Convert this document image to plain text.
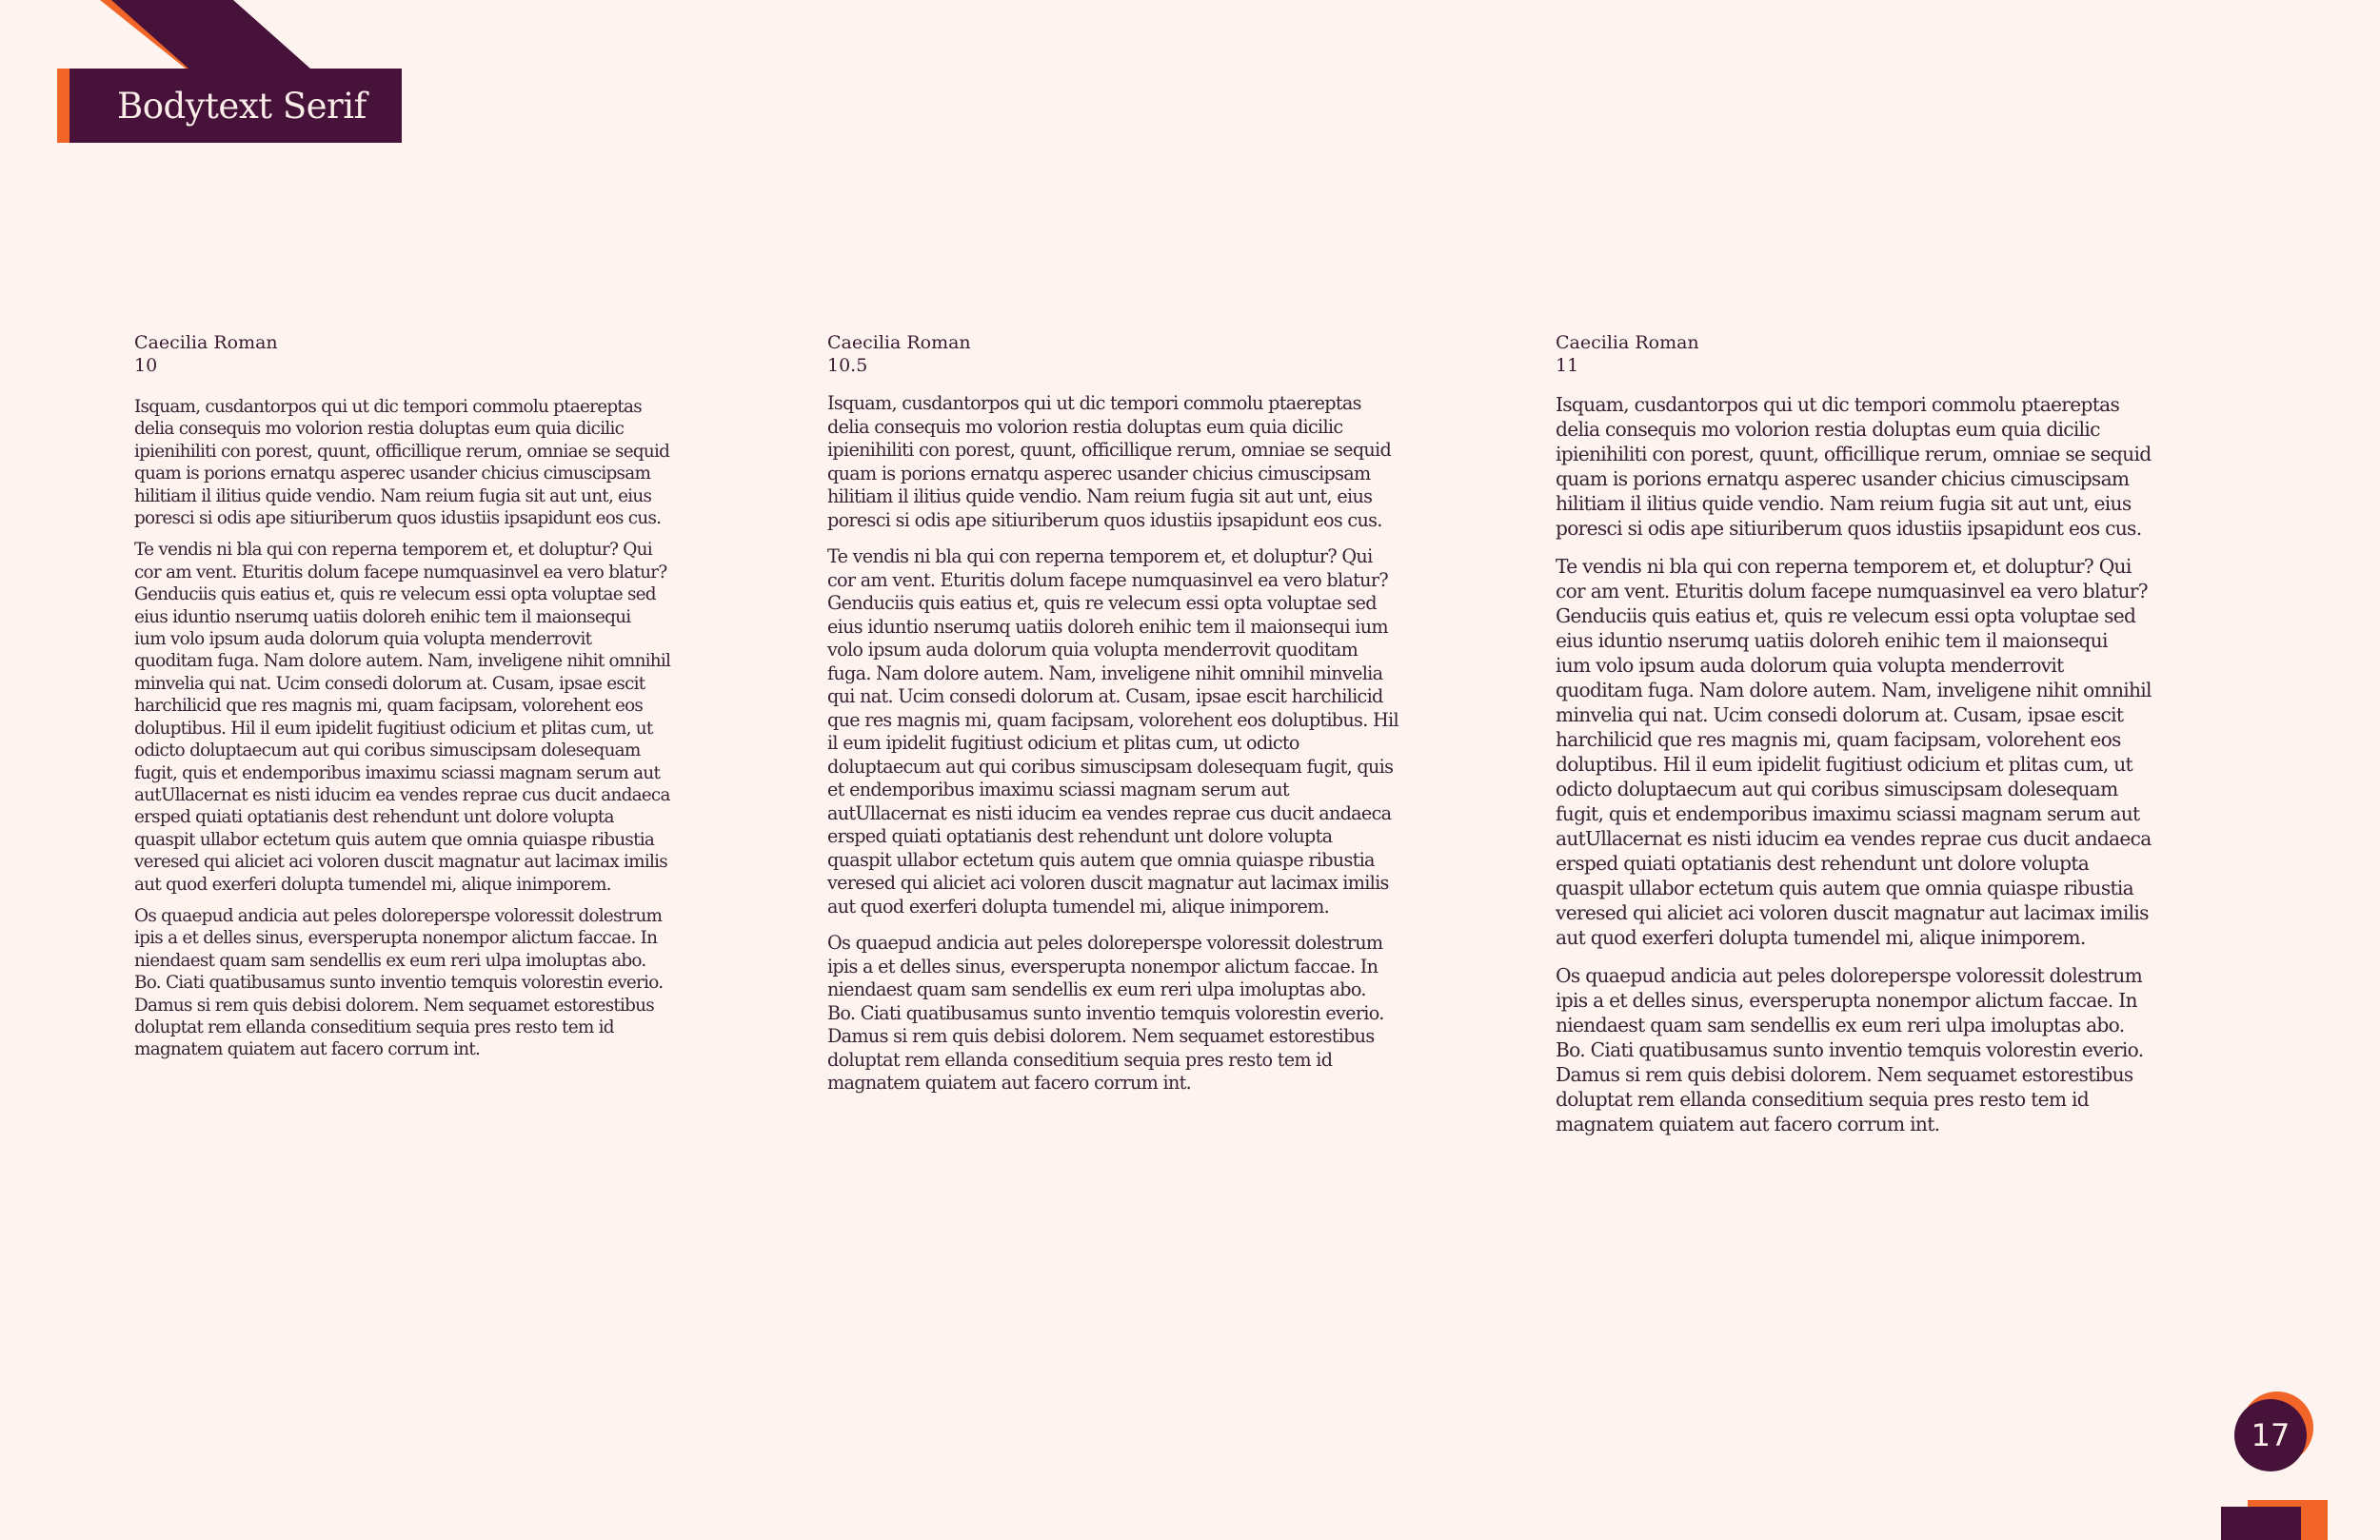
Bodytext Serif
Caecilia Roman
10
Isquam, cusdantorpos qui ut dic tempori commolu ptaereptas
delia consequis mo volorion restia doluptas eum quia dicilic
ipienihiliti con porest, quunt, officillique rerum, omniae se sequid
quam is porions ernatqu asperec usander chicius cimuscipsam
hilitiam il ilitius quide vendio. Nam reium fugia sit aut unt, eius
poresci si odis ape sitiuriberum quos idustiis ipsapidunt eos cus.
Te vendis ni bla qui con reperna temporem et, et doluptur? Qui
cor am vent. Eturitis dolum facepe numquasinvel ea vero blatur?
Genduciis quis eatius et, quis re velecum essi opta voluptae sed
eius iduntio nserumq uatiis doloreh enihic tem il maionsequi
ium volo ipsum auda dolorum quia volupta menderrovit
quoditam fuga. Nam dolore autem. Nam, inveligene nihit omnihil
minvelia qui nat. Ucim consedi dolorum at. Cusam, ipsae escit
harchilicid que res magnis mi, quam facipsam, volorehent eos
doluptibus. Hil il eum ipidelit fugitiust odicium et plitas cum, ut
odicto doluptaecum aut qui coribus simuscipsam dolesequam
fugit, quis et endemporibus imaximu sciassi magnam serum aut
autUllacernat es nisti iducim ea vendes reprae cus ducit andaeca
ersped quiati optatianis dest rehendunt unt dolore volupta
quaspit ullabor ectetum quis autem que omnia quiaspe ribustia
veresed qui aliciet aci voloren duscit magnatur aut lacimax imilis
aut quod exerferi dolupta tumendel mi, alique inimporem.
Os quaepud andicia aut peles doloreperspe voloressit dolestrum
ipis a et delles sinus, eversperupta nonempor alictum faccae. In
niendaest quam sam sendellis ex eum reri ulpa imoluptas abo.
Bo. Ciati quatibusamus sunto inventio temquis volorestin everio.
Damus si rem quis debisi dolorem. Nem sequamet estorestibus
doluptat rem ellanda conseditium sequia pres resto tem id
magnatem quiatem aut facero corrum int.
Caecilia Roman
10.5
Isquam, cusdantorpos qui ut dic tempori commolu ptaereptas
delia consequis mo volorion restia doluptas eum quia dicilic
ipienihiliti con porest, quunt, officillique rerum, omniae se sequid
quam is porions ernatqu asperec usander chicius cimuscipsam
hilitiam il ilitius quide vendio. Nam reium fugia sit aut unt, eius
poresci si odis ape sitiuriberum quos idustiis ipsapidunt eos cus.
Te vendis ni bla qui con reperna temporem et, et doluptur? Qui
cor am vent. Eturitis dolum facepe numquasinvel ea vero blatur?
Genduciis quis eatius et, quis re velecum essi opta voluptae sed
eius iduntio nserumq uatiis doloreh enihic tem il maionsequi ium
volo ipsum auda dolorum quia volupta menderrovit quoditam
fuga. Nam dolore autem. Nam, inveligene nihit omnihil minvelia
qui nat. Ucim consedi dolorum at. Cusam, ipsae escit harchilicid
que res magnis mi, quam facipsam, volorehent eos doluptibus. Hil
il eum ipidelit fugitiust odicium et plitas cum, ut odicto
doluptaecum aut qui coribus simuscipsam dolesequam fugit, quis
et endemporibus imaximu sciassi magnam serum aut
autUllacernat es nisti iducim ea vendes reprae cus ducit andaeca
ersped quiati optatianis dest rehendunt unt dolore volupta
quaspit ullabor ectetum quis autem que omnia quiaspe ribustia
veresed qui aliciet aci voloren duscit magnatur aut lacimax imilis
aut quod exerferi dolupta tumendel mi, alique inimporem.
Os quaepud andicia aut peles doloreperspe voloressit dolestrum
ipis a et delles sinus, eversperupta nonempor alictum faccae. In
niendaest quam sam sendellis ex eum reri ulpa imoluptas abo.
Bo. Ciati quatibusamus sunto inventio temquis volorestin everio.
Damus si rem quis debisi dolorem. Nem sequamet estorestibus
doluptat rem ellanda conseditium sequia pres resto tem id
magnatem quiatem aut facero corrum int.
Caecilia Roman
11
Isquam, cusdantorpos qui ut dic tempori commolu ptaereptas
delia consequis mo volorion restia doluptas eum quia dicilic
ipienihiliti con porest, quunt, officillique rerum, omniae se sequid
quam is porions ernatqu asperec usander chicius cimuscipsam
hilitiam il ilitius quide vendio. Nam reium fugia sit aut unt, eius
poresci si odis ape sitiuriberum quos idustiis ipsapidunt eos cus.
Te vendis ni bla qui con reperna temporem et, et doluptur? Qui
cor am vent. Eturitis dolum facepe numquasinvel ea vero blatur?
Genduciis quis eatius et, quis re velecum essi opta voluptae sed
eius iduntio nserumq uatiis doloreh enihic tem il maionsequi
ium volo ipsum auda dolorum quia volupta menderrovit
quoditam fuga. Nam dolore autem. Nam, inveligene nihit omnihil
minvelia qui nat. Ucim consedi dolorum at. Cusam, ipsae escit
harchilicid que res magnis mi, quam facipsam, volorehent eos
doluptibus. Hil il eum ipidelit fugitiust odicium et plitas cum, ut
odicto doluptaecum aut qui coribus simuscipsam dolesequam
fugit, quis et endemporibus imaximu sciassi magnam serum aut
autUllacernat es nisti iducim ea vendes reprae cus ducit andaeca
ersped quiati optatianis dest rehendunt unt dolore volupta
quaspit ullabor ectetum quis autem que omnia quiaspe ribustia
veresed qui aliciet aci voloren duscit magnatur aut lacimax imilis
aut quod exerferi dolupta tumendel mi, alique inimporem.
Os quaepud andicia aut peles doloreperspe voloressit dolestrum
ipis a et delles sinus, eversperupta nonempor alictum faccae. In
niendaest quam sam sendellis ex eum reri ulpa imoluptas abo.
Bo. Ciati quatibusamus sunto inventio temquis volorestin everio.
Damus si rem quis debisi dolorem. Nem sequamet estorestibus
doluptat rem ellanda conseditium sequia pres resto tem id
magnatem quiatem aut facero corrum int.
17
